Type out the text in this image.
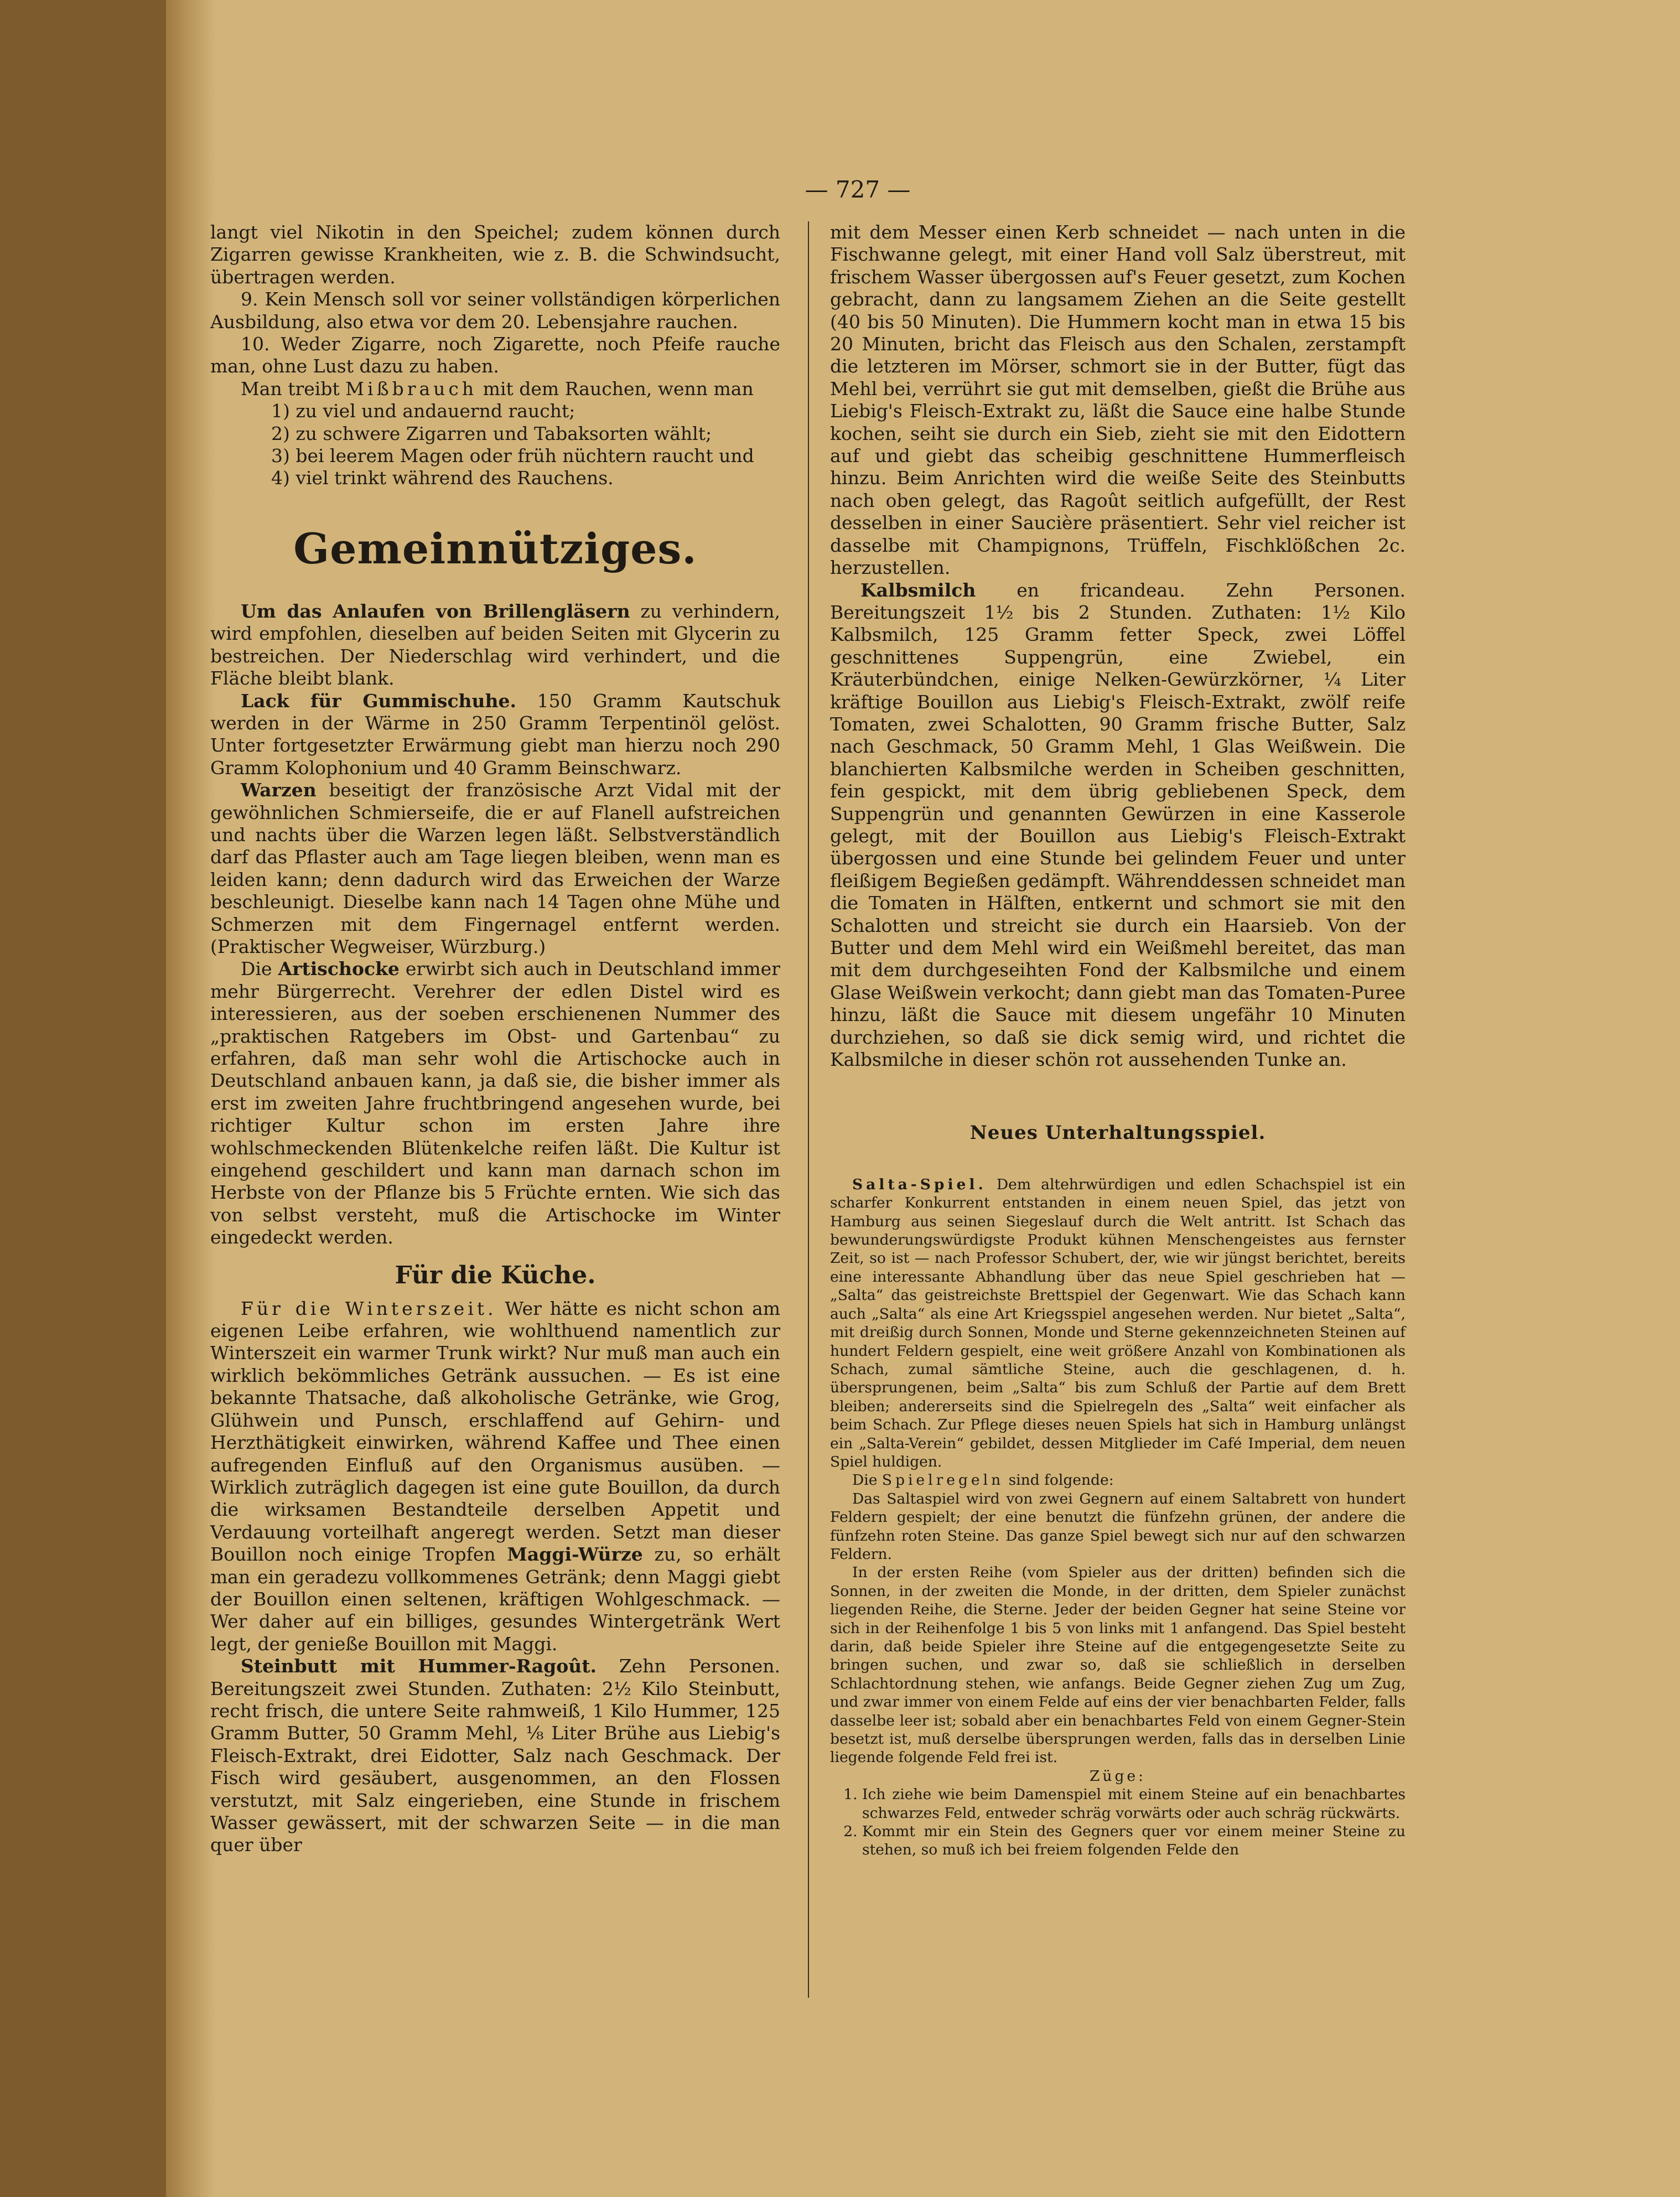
— 727 —

langt viel Nikotin in den Speichel; zudem können durch Zigarren gewisse Krankheiten, wie z. B. die Schwindsucht, übertragen werden.

9. Kein Mensch soll vor seiner vollständigen körperlichen Ausbildung, also etwa vor dem 20. Lebensjahre rauchen.

10. Weder Zigarre, noch Zigarette, noch Pfeife rauche man, ohne Lust dazu zu haben.

Man treibt Mißbrauch mit dem Rauchen, wenn man

1) zu viel und andauernd raucht;
2) zu schwere Zigarren und Tabaksorten wählt;
3) bei leerem Magen oder früh nüchtern raucht und
4) viel trinkt während des Rauchens.
Gemeinnütziges.

Um das Anlaufen von Brillengläsern zu verhindern, wird empfohlen, dieselben auf beiden Seiten mit Glycerin zu bestreichen. Der Niederschlag wird verhindert, und die Fläche bleibt blank.

Lack für Gummischuhe. 150 Gramm Kautschuk werden in der Wärme in 250 Gramm Terpentinöl gelöst. Unter fortgesetzter Erwärmung giebt man hierzu noch 290 Gramm Kolophonium und 40 Gramm Beinschwarz.

Warzen beseitigt der französische Arzt Vidal mit der gewöhnlichen Schmierseife, die er auf Flanell aufstreichen und nachts über die Warzen legen läßt. Selbstverständlich darf das Pflaster auch am Tage liegen bleiben, wenn man es leiden kann; denn dadurch wird das Erweichen der Warze beschleunigt. Dieselbe kann nach 14 Tagen ohne Mühe und Schmerzen mit dem Fingernagel entfernt werden. (Praktischer Wegweiser, Würzburg.)

Die Artischocke erwirbt sich auch in Deutschland immer mehr Bürgerrecht. Verehrer der edlen Distel wird es interessieren, aus der soeben erschienenen Nummer des „praktischen Ratgebers im Obst- und Gartenbau“ zu erfahren, daß man sehr wohl die Artischocke auch in Deutschland anbauen kann, ja daß sie, die bisher immer als erst im zweiten Jahre fruchtbringend angesehen wurde, bei richtiger Kultur schon im ersten Jahre ihre wohlschmeckenden Blütenkelche reifen läßt. Die Kultur ist eingehend geschildert und kann man darnach schon im Herbste von der Pflanze bis 5 Früchte ernten. Wie sich das von selbst versteht, muß die Artischocke im Winter eingedeckt werden.

Für die Küche.

Für die Winterszeit. Wer hätte es nicht schon am eigenen Leibe erfahren, wie wohlthuend namentlich zur Winterszeit ein warmer Trunk wirkt? Nur muß man auch ein wirklich bekömmliches Getränk aussuchen. — Es ist eine bekannte Thatsache, daß alkoholische Getränke, wie Grog, Glühwein und Punsch, erschlaffend auf Gehirn- und Herzthätigkeit einwirken, während Kaffee und Thee einen aufregenden Einfluß auf den Organismus ausüben. — Wirklich zuträglich dagegen ist eine gute Bouillon, da durch die wirksamen Bestandteile derselben Appetit und Verdauung vorteilhaft angeregt werden. Setzt man dieser Bouillon noch einige Tropfen Maggi-Würze zu, so erhält man ein geradezu vollkommenes Getränk; denn Maggi giebt der Bouillon einen seltenen, kräftigen Wohlgeschmack. — Wer daher auf ein billiges, gesundes Wintergetränk Wert legt, der genieße Bouillon mit Maggi.

Steinbutt mit Hummer-Ragoût. Zehn Personen. Bereitungszeit zwei Stunden. Zuthaten: 2½ Kilo Steinbutt, recht frisch, die untere Seite rahmweiß, 1 Kilo Hummer, 125 Gramm Butter, 50 Gramm Mehl, ⅛ Liter Brühe aus Liebig's Fleisch-Extrakt, drei Eidotter, Salz nach Geschmack. Der Fisch wird gesäubert, ausgenommen, an den Flossen verstutzt, mit Salz eingerieben, eine Stunde in frischem Wasser gewässert, mit der schwarzen Seite — in die man quer über

mit dem Messer einen Kerb schneidet — nach unten in die Fischwanne gelegt, mit einer Hand voll Salz überstreut, mit frischem Wasser übergossen auf's Feuer gesetzt, zum Kochen gebracht, dann zu langsamem Ziehen an die Seite gestellt (40 bis 50 Minuten). Die Hummern kocht man in etwa 15 bis 20 Minuten, bricht das Fleisch aus den Schalen, zerstampft die letzteren im Mörser, schmort sie in der Butter, fügt das Mehl bei, verrührt sie gut mit demselben, gießt die Brühe aus Liebig's Fleisch-Extrakt zu, läßt die Sauce eine halbe Stunde kochen, seiht sie durch ein Sieb, zieht sie mit den Eidottern auf und giebt das scheibig geschnittene Hummerfleisch hinzu. Beim Anrichten wird die weiße Seite des Steinbutts nach oben gelegt, das Ragoût seitlich aufgefüllt, der Rest desselben in einer Saucière präsentiert. Sehr viel reicher ist dasselbe mit Champignons, Trüffeln, Fischklößchen 2c. herzustellen.

Kalbsmilch en fricandeau. Zehn Personen. Bereitungszeit 1½ bis 2 Stunden. Zuthaten: 1½ Kilo Kalbsmilch, 125 Gramm fetter Speck, zwei Löffel geschnittenes Suppengrün, eine Zwiebel, ein Kräuterbündchen, einige Nelken-Gewürzkörner, ¼ Liter kräftige Bouillon aus Liebig's Fleisch-Extrakt, zwölf reife Tomaten, zwei Schalotten, 90 Gramm frische Butter, Salz nach Geschmack, 50 Gramm Mehl, 1 Glas Weißwein. Die blanchierten Kalbsmilche werden in Scheiben geschnitten, fein gespickt, mit dem übrig gebliebenen Speck, dem Suppengrün und genannten Gewürzen in eine Kasserole gelegt, mit der Bouillon aus Liebig's Fleisch-Extrakt übergossen und eine Stunde bei gelindem Feuer und unter fleißigem Begießen gedämpft. Währenddessen schneidet man die Tomaten in Hälften, entkernt und schmort sie mit den Schalotten und streicht sie durch ein Haarsieb. Von der Butter und dem Mehl wird ein Weißmehl bereitet, das man mit dem durchgeseihten Fond der Kalbsmilche und einem Glase Weißwein verkocht; dann giebt man das Tomaten-Puree hinzu, läßt die Sauce mit diesem ungefähr 10 Minuten durchziehen, so daß sie dick semig wird, und richtet die Kalbsmilche in dieser schön rot aussehenden Tunke an.

Neues Unterhaltungsspiel.

Salta-Spiel. Dem altehrwürdigen und edlen Schachspiel ist ein scharfer Konkurrent entstanden in einem neuen Spiel, das jetzt von Hamburg aus seinen Siegeslauf durch die Welt antritt. Ist Schach das bewunderungswürdigste Produkt kühnen Menschengeistes aus fernster Zeit, so ist — nach Professor Schubert, der, wie wir jüngst berichtet, bereits eine interessante Abhandlung über das neue Spiel geschrieben hat — „Salta“ das geistreichste Brettspiel der Gegenwart. Wie das Schach kann auch „Salta“ als eine Art Kriegsspiel angesehen werden. Nur bietet „Salta“, mit dreißig durch Sonnen, Monde und Sterne gekennzeichneten Steinen auf hundert Feldern gespielt, eine weit größere Anzahl von Kombinationen als Schach, zumal sämtliche Steine, auch die geschlagenen, d. h. übersprungenen, beim „Salta“ bis zum Schluß der Partie auf dem Brett bleiben; andererseits sind die Spielregeln des „Salta“ weit einfacher als beim Schach. Zur Pflege dieses neuen Spiels hat sich in Hamburg unlängst ein „Salta-Verein“ gebildet, dessen Mitglieder im Café Imperial, dem neuen Spiel huldigen.

Die Spielregeln sind folgende:

Das Saltaspiel wird von zwei Gegnern auf einem Saltabrett von hundert Feldern gespielt; der eine benutzt die fünfzehn grünen, der andere die fünfzehn roten Steine. Das ganze Spiel bewegt sich nur auf den schwarzen Feldern.

In der ersten Reihe (vom Spieler aus der dritten) befinden sich die Sonnen, in der zweiten die Monde, in der dritten, dem Spieler zunächst liegenden Reihe, die Sterne. Jeder der beiden Gegner hat seine Steine vor sich in der Reihenfolge 1 bis 5 von links mit 1 anfangend. Das Spiel besteht darin, daß beide Spieler ihre Steine auf die entgegengesetzte Seite zu bringen suchen, und zwar so, daß sie schließlich in derselben Schlachtordnung stehen, wie anfangs. Beide Gegner ziehen Zug um Zug, und zwar immer von einem Felde auf eins der vier benachbarten Felder, falls dasselbe leer ist; sobald aber ein benachbartes Feld von einem Gegner-Stein besetzt ist, muß derselbe übersprungen werden, falls das in derselben Linie liegende folgende Feld frei ist.

Züge:

1. Ich ziehe wie beim Damenspiel mit einem Steine auf ein benachbartes schwarzes Feld, entweder schräg vorwärts oder auch schräg rückwärts.
2. Kommt mir ein Stein des Gegners quer vor einem meiner Steine zu stehen, so muß ich bei freiem folgenden Felde den
